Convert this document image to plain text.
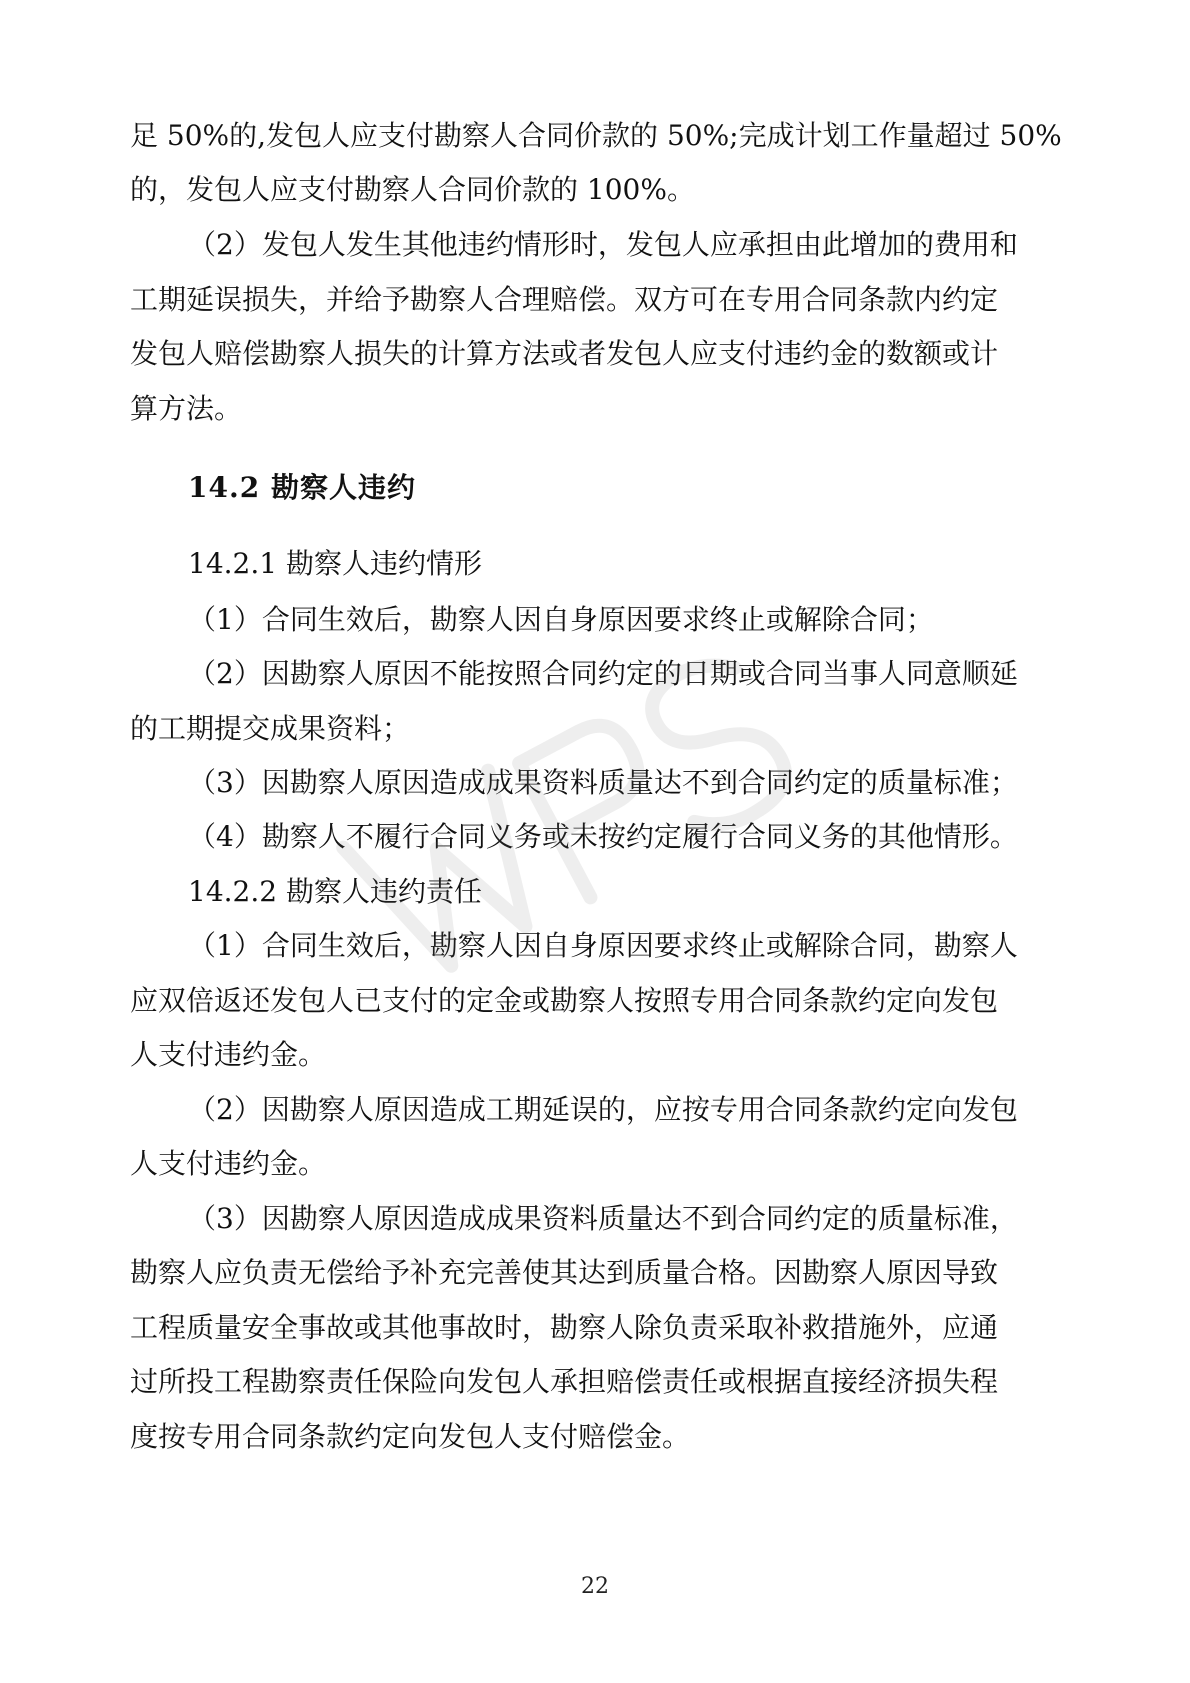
足 50%的,发包人应支付勘察人合同价款的 50%;完成计划工作量超过 50%
的，发包人应支付勘察人合同价款的 100%。
（2）发包人发生其他违约情形时，发包人应承担由此增加的费用和
工期延误损失，并给予勘察人合理赔偿。双方可在专用合同条款内约定
发包人赔偿勘察人损失的计算方法或者发包人应支付违约金的数额或计
算方法。
14.2 勘察人违约
14.2.1 勘察人违约情形
（1）合同生效后，勘察人因自身原因要求终止或解除合同；
（2）因勘察人原因不能按照合同约定的日期或合同当事人同意顺延
的工期提交成果资料；
（3）因勘察人原因造成成果资料质量达不到合同约定的质量标准；
（4）勘察人不履行合同义务或未按约定履行合同义务的其他情形。
14.2.2 勘察人违约责任
（1）合同生效后，勘察人因自身原因要求终止或解除合同，勘察人
应双倍返还发包人已支付的定金或勘察人按照专用合同条款约定向发包
人支付违约金。
（2）因勘察人原因造成工期延误的，应按专用合同条款约定向发包
人支付违约金。
（3）因勘察人原因造成成果资料质量达不到合同约定的质量标准，
勘察人应负责无偿给予补充完善使其达到质量合格。因勘察人原因导致
工程质量安全事故或其他事故时，勘察人除负责采取补救措施外，应通
过所投工程勘察责任保险向发包人承担赔偿责任或根据直接经济损失程
度按专用合同条款约定向发包人支付赔偿金。
22
